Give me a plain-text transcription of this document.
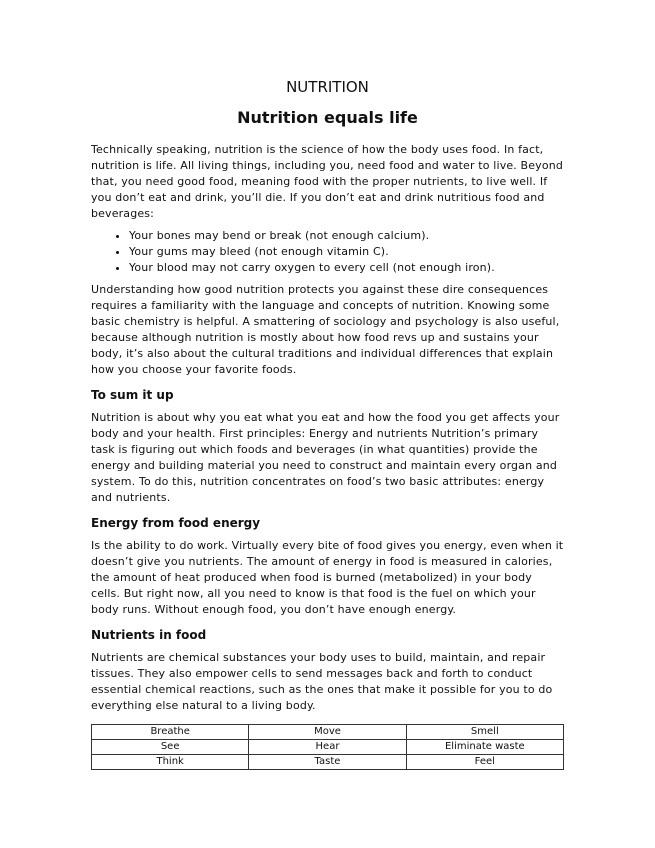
NUTRITION
Nutrition equals life

Technically speaking, nutrition is the science of how the body uses food. In fact, nutrition is life. All living things, including you, need food and water to live. Beyond that, you need good food, meaning food with the proper nutrients, to live well. If you don’t eat and drink, you’ll die. If you don’t eat and drink nutritious food and beverages:

• Your bones may bend or break (not enough calcium).
• Your gums may bleed (not enough vitamin C).
• Your blood may not carry oxygen to every cell (not enough iron).

Understanding how good nutrition protects you against these dire consequences requires a familiarity with the language and concepts of nutrition. Knowing some basic chemistry is helpful. A smattering of sociology and psychology is also useful, because although nutrition is mostly about how food revs up and sustains your body, it’s also about the cultural traditions and individual differences that explain how you choose your favorite foods.

To sum it up

Nutrition is about why you eat what you eat and how the food you get affects your body and your health. First principles: Energy and nutrients Nutrition’s primary task is figuring out which foods and beverages (in what quantities) provide the energy and building material you need to construct and maintain every organ and system. To do this, nutrition concentrates on food’s two basic attributes: energy and nutrients.

Energy from food energy

Is the ability to do work. Virtually every bite of food gives you energy, even when it doesn’t give you nutrients. The amount of energy in food is measured in calories, the amount of heat produced when food is burned (metabolized) in your body cells. But right now, all you need to know is that food is the fuel on which your body runs. Without enough food, you don’t have enough energy.

Nutrients in food

Nutrients are chemical substances your body uses to build, maintain, and repair tissues. They also empower cells to send messages back and forth to conduct essential chemical reactions, such as the ones that make it possible for you to do everything else natural to a living body.

Breathe	Move	Smell
See	Hear	Eliminate waste
Think	Taste	Feel
